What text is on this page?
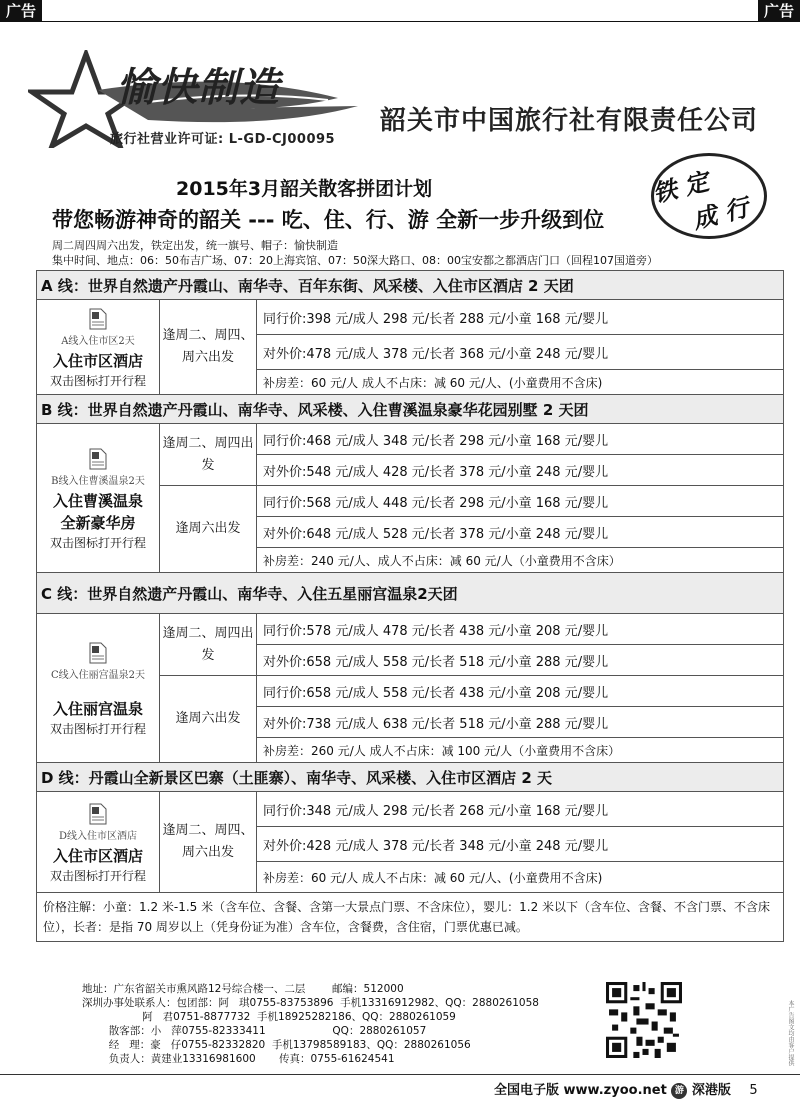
广告	广告
愉快制造
旅行社营业许可证: L-GD-CJ00095
韶关市中国旅行社有限责任公司
铁 定
成 行
2015年3月韶关散客拼团计划
带您畅游神奇的韶关 --- 吃、住、行、游 全新一步升级到位
周二周四周六出发，铁定出发，统一旗号、帽子：愉快制造
集中时间、地点：06：50布吉广场、07：20上海宾馆、07：50深大路口、08：00宝安都之都酒店门口（回程107国道旁）
A 线：世界自然遗产丹霞山、南华寺、百年东街、风采楼、入住市区酒店 2 天团		

A线入住市区2天
入住市区酒店
双击图标打开行程	逢周二、周四、周六出发	同行价:398 元/成人 298 元/长者 288 元/小童 168 元/婴儿
		对外价:478 元/成人 378 元/长者 368 元/小童 248 元/婴儿
		补房差：60 元/人 成人不占床：减 60 元/人、(小童费用不含床)
B 线：世界自然遗产丹霞山、南华寺、风采楼、入住曹溪温泉豪华花园别墅 2 天团		

B线入住曹溪温泉2天
入住曹溪温泉
全新豪华房
双击图标打开行程	逢周二、周四出发	同行价:468 元/成人 348 元/长者 298 元/小童 168 元/婴儿
		对外价:548 元/成人 428 元/长者 378 元/小童 248 元/婴儿
	逢周六出发	同行价:568 元/成人 448 元/长者 298 元/小童 168 元/婴儿
		对外价:648 元/成人 528 元/长者 378 元/小童 248 元/婴儿
		补房差：240 元/人、成人不占床：减 60 元/人（小童费用不含床）
C 线：世界自然遗产丹霞山、南华寺、入住五星丽宫温泉2天团		

C线入住丽宫温泉2天
入住丽宫温泉
双击图标打开行程	逢周二、周四出发	同行价:578 元/成人 478 元/长者 438 元/小童 208 元/婴儿
		对外价:658 元/成人 558 元/长者 518 元/小童 288 元/婴儿
	逢周六出发	同行价:658 元/成人 558 元/长者 438 元/小童 208 元/婴儿
		对外价:738 元/成人 638 元/长者 518 元/小童 288 元/婴儿
		补房差：260 元/人 成人不占床：减 100 元/人（小童费用不含床）
D 线：丹霞山全新景区巴寨（土匪寨）、南华寺、风采楼、入住市区酒店 2 天		

D线入住市区酒店
入住市区酒店
双击图标打开行程	逢周二、周四、周六出发	同行价:348 元/成人 298 元/长者 268 元/小童 168 元/婴儿
		对外价:428 元/成人 378 元/长者 348 元/小童 248 元/婴儿
		补房差：60 元/人 成人不占床：减 60 元/人、(小童费用不含床)
价格注解：小童：1.2 米-1.5 米（含车位、含餐、含第一大景点门票、不含床位），婴儿：1.2 米以下（含车位、含餐、不含门票、不含床位），长者：是指 70 周岁以上（凭身份证为准）含车位，含餐费，含住宿，门票优惠已减。		
地址：广东省韶关市熏风路12号综合楼一、二层        邮编：512000
深圳办事处联系人：包团部：阿   琪0755-83753896  手机13316912982、QQ：2880261058
阿   君0751-8877732  手机18925282186、QQ：2880261059
散客部：小   萍0755-82333411                    QQ：2880261057
经   理：豪   仔0755-82332820  手机13798589183、QQ：2880261056
负责人：黄建业13316981600       传真：0755-61624541
全国电子版 www.zyoo.net 游 深港版 5
本广告图文均由客户提供
